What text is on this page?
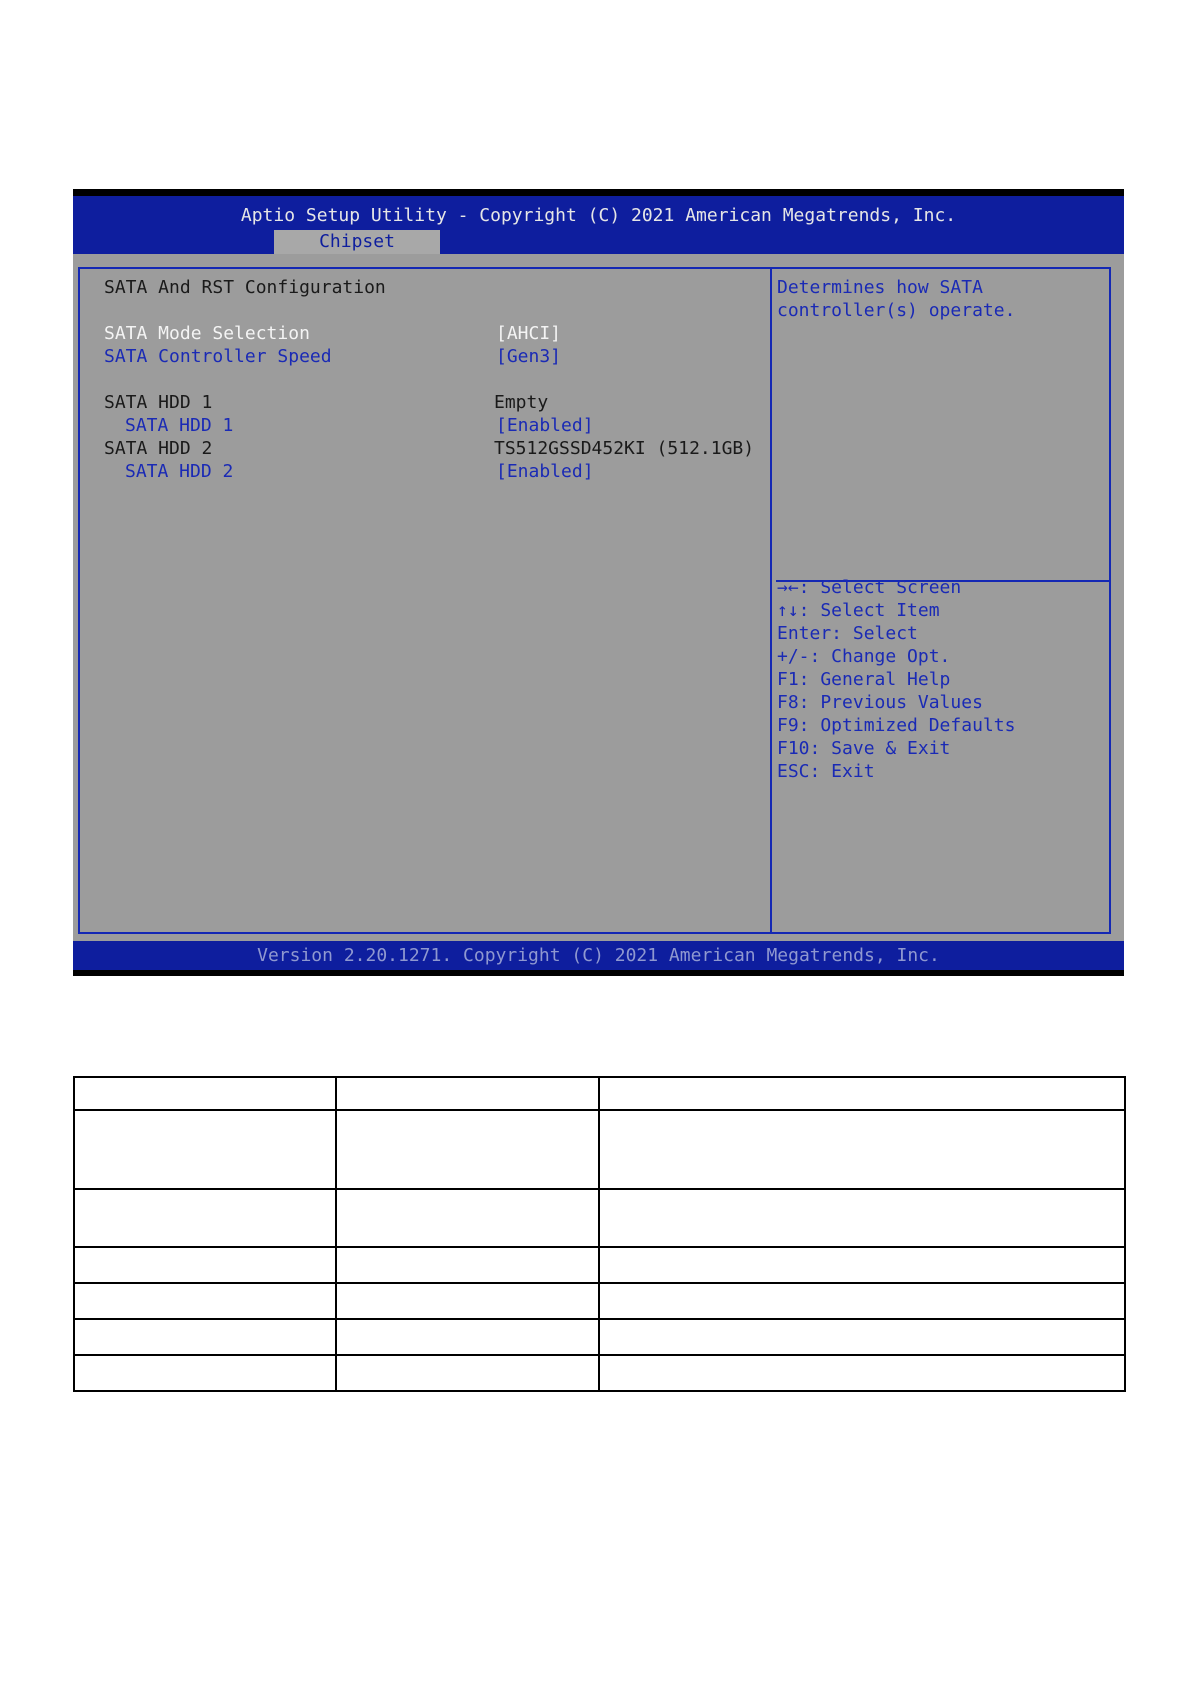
Aptio Setup Utility - Copyright (C) 2021 American Megatrends, Inc.
Chipset
SATA And RST Configuration
SATA Mode Selection	[AHCI]
SATA Controller Speed	[Gen3]
SATA HDD 1	Empty
SATA HDD 1	[Enabled]
SATA HDD 2	TS512GSSD452KI (512.1GB)
SATA HDD 2	[Enabled]
Determines how SATA
controller(s) operate.
→←: Select Screen
↑↓: Select Item
Enter: Select
+/-: Change Opt.
F1: General Help
F8: Previous Values
F9: Optimized Defaults
F10: Save & Exit
ESC: Exit
Version 2.20.1271. Copyright (C) 2021 American Megatrends, Inc.
